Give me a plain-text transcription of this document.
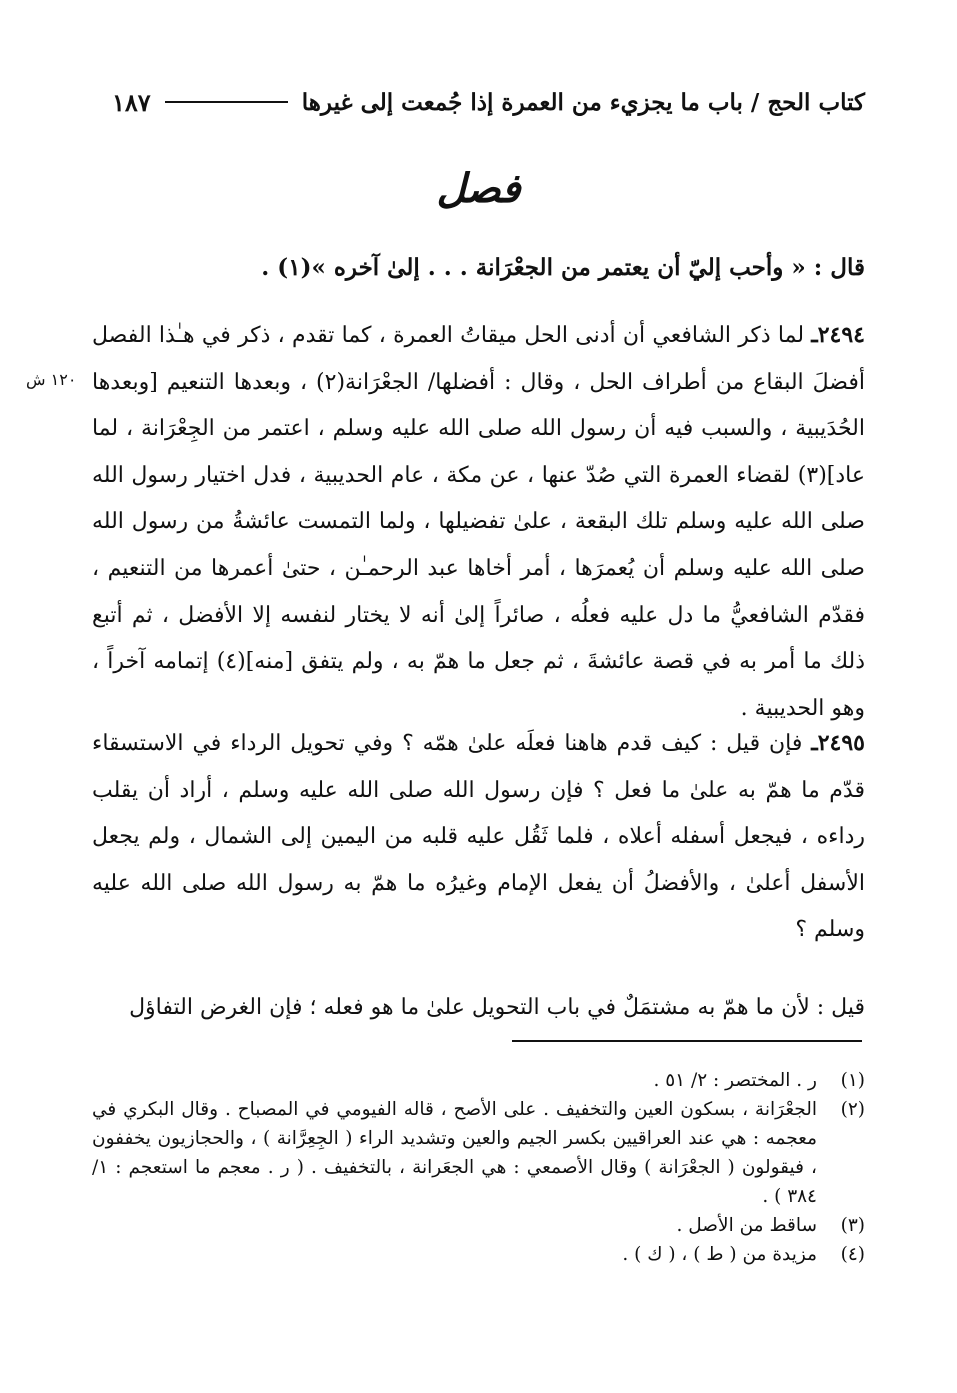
كتاب الحج / باب ما يجزيء من العمرة إذا جُمعت إلى غيرها
١٨٧
فصل
قال : « وأحب إليّ أن يعتمر من الجعْرَانة . . . إلىٰ آخره »(١) .
١٢٠ ش
٢٤٩٤ـ لما ذكر الشافعي أن أدنى الحل ميقاتُ العمرة ، كما تقدم ، ذكر في هـٰذا الفصل أفضلَ البقاع من أطراف الحل ، وقال : أفضلها/ الجعْرَانة(٢) ، وبعدها التنعيم [وبعدها الحُدَيبية ، والسبب فيه أن رسول الله صلى الله عليه وسلم ، اعتمر من الجِعْرَانة ، لما عاد](٣) لقضاء العمرة التي صُدّ عنها ، عن مكة ، عام الحديبية ، فدل اختيار رسول الله صلى الله عليه وسلم تلك البقعة ، علىٰ تفضيلها ، ولما التمست عائشةُ من رسول الله صلى الله عليه وسلم أن يُعمرَها ، أمر أخاها عبد الرحمـٰن ، حتىٰ أعمرها من التنعيم ، فقدّم الشافعيُّ ما دل عليه فعلُه ، صائراً إلىٰ أنه لا يختار لنفسه إلا الأفضل ، ثم أتبع ذلك ما أمر به في قصة عائشةَ ، ثم جعل ما همّ به ، ولم يتفق [منه](٤) إتمامه آخراً ، وهو الحديبية .
٢٤٩٥ـ فإن قيل : كيف قدم هاهنا فعلَه علىٰ همّه ؟ وفي تحويل الرداء في الاستسقاء قدّم ما همّ به علىٰ ما فعل ؟ فإن رسول الله صلى الله عليه وسلم ، أراد أن يقلب رداءه ، فيجعل أسفله أعلاه ، فلما ثَقُل عليه قلبه من اليمين إلى الشمال ، ولم يجعل الأسفل أعلىٰ ، والأفضلُ أن يفعل الإمام وغيرُه ما همّ به رسول الله صلى الله عليه وسلم ؟
قيل : لأن ما همّ به مشتمَلٌ في باب التحويل علىٰ ما هو فعله ؛ فإن الغرض التفاؤل
(١)
ر . المختصر : ٢/ ٥١ .
(٢)
الجعْرَانة ، بسكون العين والتخفيف . على الأصح ، قاله الفيومي في المصباح . وقال البكري في معجمه : هي عند العراقيين بكسر الجيم والعين وتشديد الراء ( الجِعِرَّانة ) ، والحجازيون يخففون ، فيقولون ( الجعْرَانة ) وقال الأصمعي : هي الجعَرانة ، بالتخفيف . ( ر . معجم ما استعجم : ١/ ٣٨٤ ) .
(٣)
ساقط من الأصل .
(٤)
مزيدة من ( ط ) ، ( ك ) .
